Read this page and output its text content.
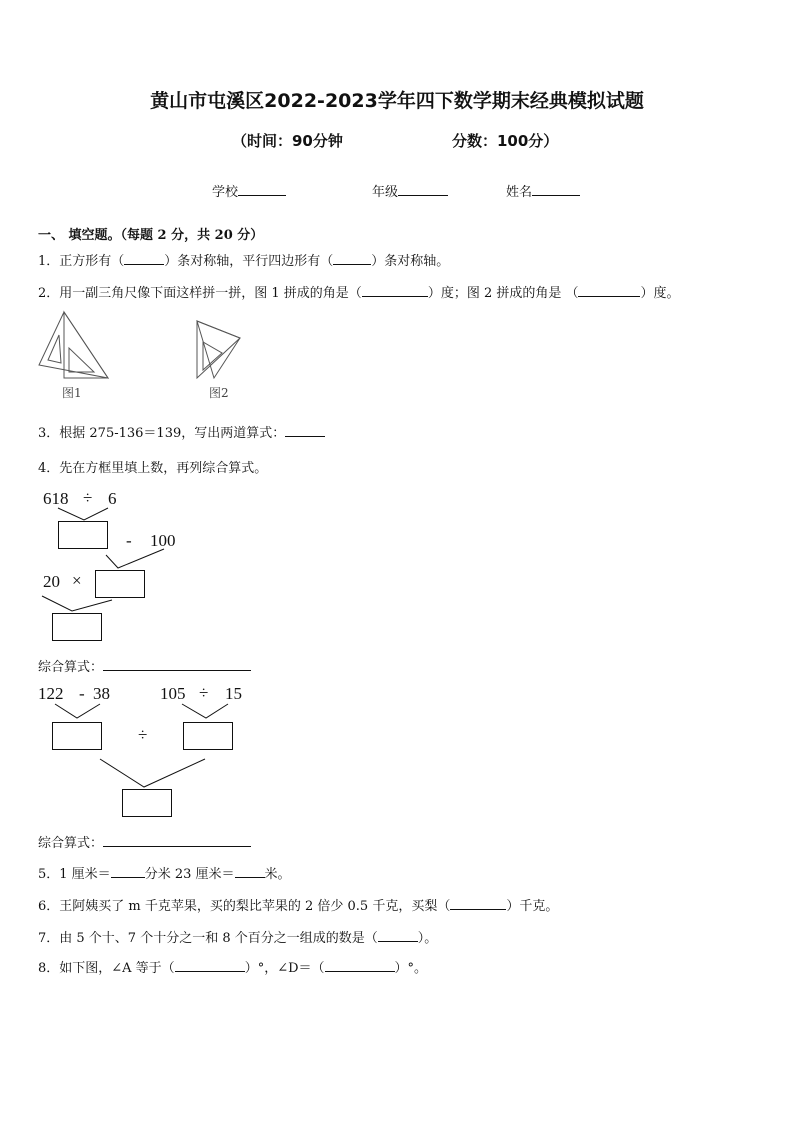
黄山市屯溪区2022-2023学年四下数学期末经典模拟试题
（时间：90分钟	分数：100分）
学校	年级	姓名
一、 填空题。（每题 2 分，共 20 分）
1．正方形有（	）条对称轴，平行四边形有（	）条对称轴。
2．用一副三角尺像下面这样拼一拼，图 1 拼成的角是（	）度；图 2 拼成的角是 （	）度。
图1	图2
3．根据 275-136＝139，写出两道算式：
4．先在方框里填上数，再列综合算式。
618 ÷ 6
- 100
20 ×
综合算式：
122 - 38	105 ÷ 15
÷
综合算式：
5．1 厘米＝	分米 23 厘米＝ 米。
6．王阿姨买了 m 千克苹果，买的梨比苹果的 2 倍少 0.5 千克，买梨（	）千克。
7．由 5 个十、7 个十分之一和 8 个百分之一组成的数是（	）。
8．如下图，∠A 等于（	）°，∠D＝（	）°。
